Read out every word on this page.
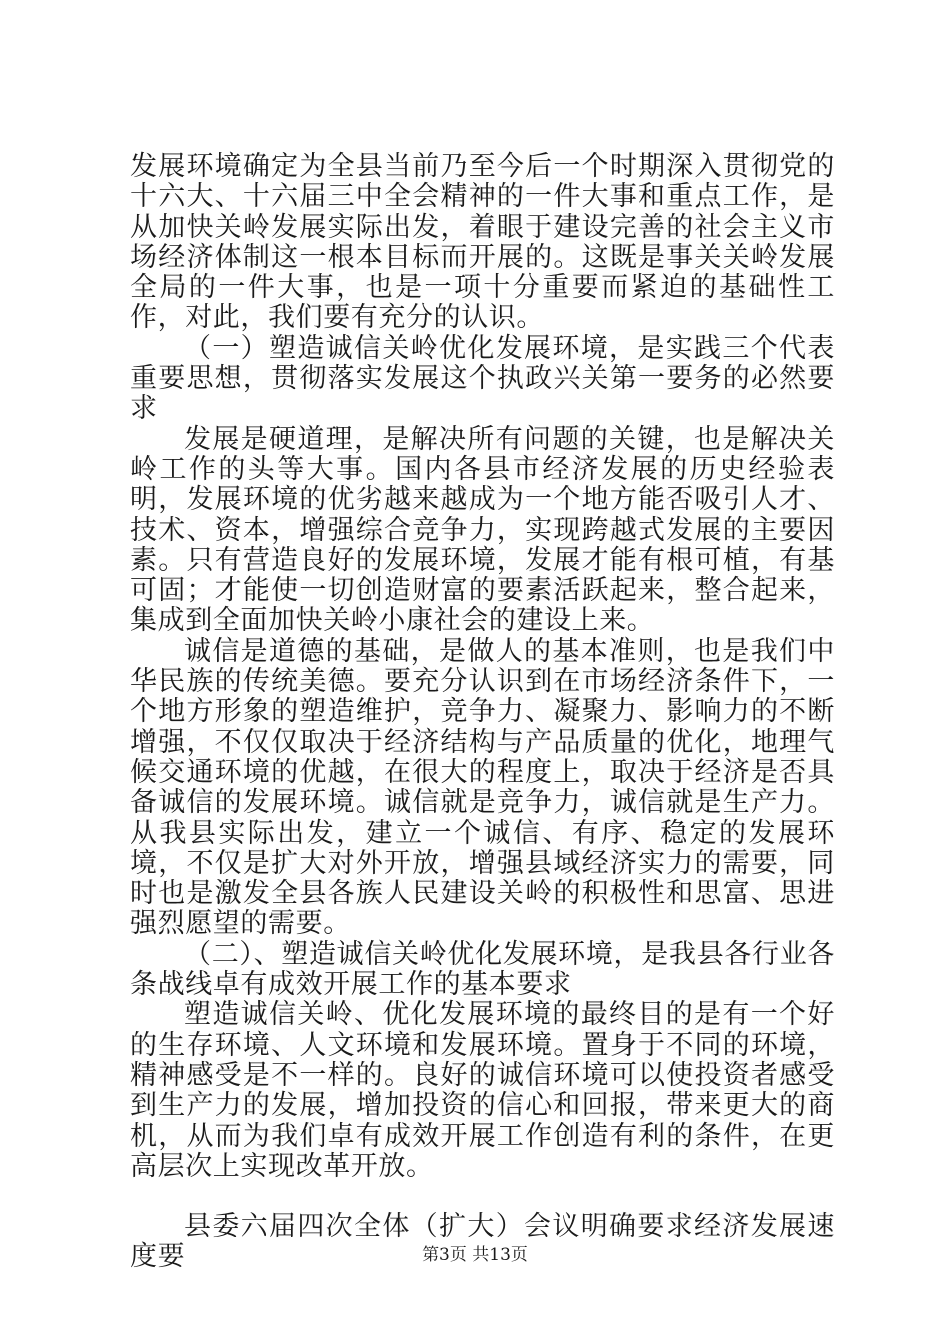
发展环境确定为全县当前乃至今后一个时期深入贯彻党的十六大、十六届三中全会精神的一件大事和重点工作，是从加快关岭发展实际出发，着眼于建设完善的社会主义市场经济体制这一根本目标而开展的。这既是事关关岭发展全局的一件大事，也是一项十分重要而紧迫的基础性工作，对此，我们要有充分的认识。

（一）塑造诚信关岭优化发展环境，是实践三个代表重要思想，贯彻落实发展这个执政兴关第一要务的必然要求

发展是硬道理，是解决所有问题的关键，也是解决关岭工作的头等大事。国内各县市经济发展的历史经验表明，发展环境的优劣越来越成为一个地方能否吸引人才、技术、资本，增强综合竞争力，实现跨越式发展的主要因素。只有营造良好的发展环境，发展才能有根可植，有基可固；才能使一切创造财富的要素活跃起来，整合起来，集成到全面加快关岭小康社会的建设上来。

诚信是道德的基础，是做人的基本准则，也是我们中华民族的传统美德。要充分认识到在市场经济条件下，一个地方形象的塑造维护，竞争力、凝聚力、影响力的不断增强，不仅仅取决于经济结构与产品质量的优化，地理气候交通环境的优越，在很大的程度上，取决于经济是否具备诚信的发展环境。诚信就是竞争力，诚信就是生产力。从我县实际出发，建立一个诚信、有序、稳定的发展环境，不仅是扩大对外开放，增强县域经济实力的需要，同时也是激发全县各族人民建设关岭的积极性和思富、思进强烈愿望的需要。

（二）、塑造诚信关岭优化发展环境，是我县各行业各条战线卓有成效开展工作的基本要求

塑造诚信关岭、优化发展环境的最终目的是有一个好的生存环境、人文环境和发展环境。置身于不同的环境，精神感受是不一样的。良好的诚信环境可以使投资者感受到生产力的发展，增加投资的信心和回报，带来更大的商机，从而为我们卓有成效开展工作创造有利的条件，在更高层次上实现改革开放。

县委六届四次全体（扩大）会议明确要求经济发展速度要	第3页 共13页
